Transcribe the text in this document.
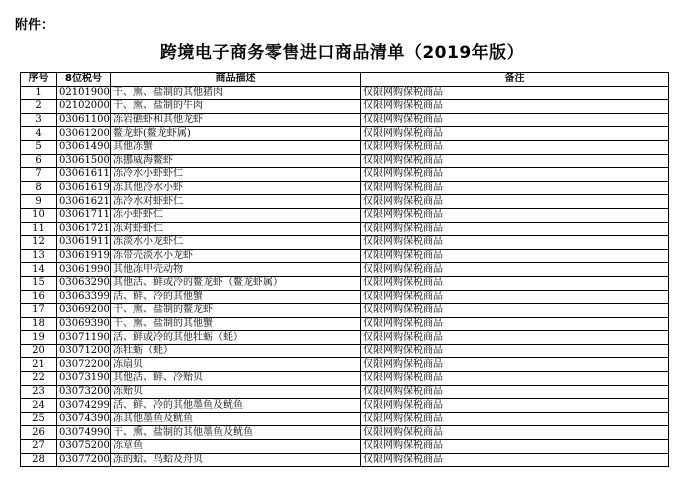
附件：
跨境电子商务零售进口商品清单（2019年版）
序号	8位税号	商品描述	备注
1	02101900	干、熏、盐制的其他猪肉	仅限网购保税商品
2	02102000	干、熏、盐制的牛肉	仅限网购保税商品
3	03061100	冻岩礁虾和其他龙虾	仅限网购保税商品
4	03061200	鳌龙虾(鳌龙虾属)	仅限网购保税商品
5	03061490	其他冻蟹	仅限网购保税商品
6	03061500	冻挪威海鳌虾	仅限网购保税商品
7	03061611	冻冷水小虾虾仁	仅限网购保税商品
8	03061619	冻其他冷水小虾	仅限网购保税商品
9	03061621	冻冷水对虾虾仁	仅限网购保税商品
10	03061711	冻小虾虾仁	仅限网购保税商品
11	03061721	冻对虾虾仁	仅限网购保税商品
12	03061911	冻淡水小龙虾仁	仅限网购保税商品
13	03061919	冻带壳淡水小龙虾	仅限网购保税商品
14	03061990	其他冻甲壳动物	仅限网购保税商品
15	03063290	其他活、鲜或冷的鳌龙虾（鳌龙虾属）	仅限网购保税商品
16	03063399	活、鲜、冷的其他蟹	仅限网购保税商品
17	03069200	干、熏、盐制的鳌龙虾	仅限网购保税商品
18	03069390	干、熏、盐制的其他蟹	仅限网购保税商品
19	03071190	活、鲜或冷的其他牡蛎（蚝）	仅限网购保税商品
20	03071200	冻牡蛎（蚝）	仅限网购保税商品
21	03072200	冻扇贝	仅限网购保税商品
22	03073190	其他活、鲜、冷贻贝	仅限网购保税商品
23	03073200	冻贻贝	仅限网购保税商品
24	03074299	活、鲜、冷的其他墨鱼及鱿鱼	仅限网购保税商品
25	03074390	冻其他墨鱼及鱿鱼	仅限网购保税商品
26	03074990	干、熏、盐制的其他墨鱼及鱿鱼	仅限网购保税商品
27	03075200	冻章鱼	仅限网购保税商品
28	03077200	冻的蛤、鸟蛤及舟贝	仅限网购保税商品
